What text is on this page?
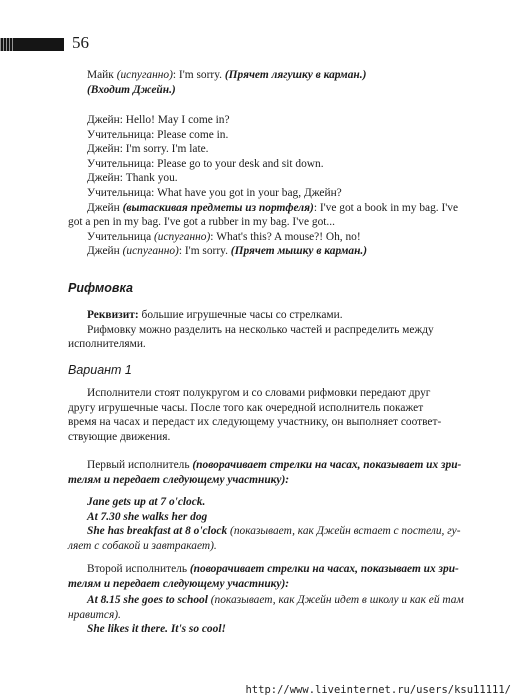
56
Майк (испуганно): I'm sorry. (Прячет лягушку в карман.)
(Входит Джейн.)
Джейн: Hello! May I come in?
Учительница: Please come in.
Джейн: I'm sorry. I'm late.
Учительница: Please go to your desk and sit down.
Джейн: Thank you.
Учительница: What have you got in your bag, Джейн?
Джейн (вытаскивая предметы из портфеля): I've got a book in my bag. I've
got a pen in my bag. I've got a rubber in my bag. I've got...
Учительница (испуганно): What's this? A mouse?! Oh, no!
Джейн (испуганно): I'm sorry. (Прячет мышку в карман.)
Рифмовка
Реквизит: большие игрушечные часы со стрелками.
Рифмовку можно разделить на несколько частей и распределить между
исполнителями.
Вариант 1
Исполнители стоят полукругом и со словами рифмовки передают друг
другу игрушечные часы. После того как очередной исполнитель покажет
время на часах и передаст их следующему участнику, он выполняет соответ-
ствующие движения.
Первый исполнитель (поворачивает стрелки на часах, показывает их зри-
телям и передает следующему участнику):
Jane gets up at 7 o'clock.
At 7.30 she walks her dog
She has breakfast at 8 o'clock (показывает, как Джейн встает с постели, гу-
ляет с собакой и завтракает).
Второй исполнитель (поворачивает стрелки на часах, показывает их зри-
телям и передает следующему участнику):
At 8.15 she goes to school (показывает, как Джейн идет в школу и как ей там
нравится).
She likes it there. It's so cool!
http://www.liveinternet.ru/users/ksu11111/
